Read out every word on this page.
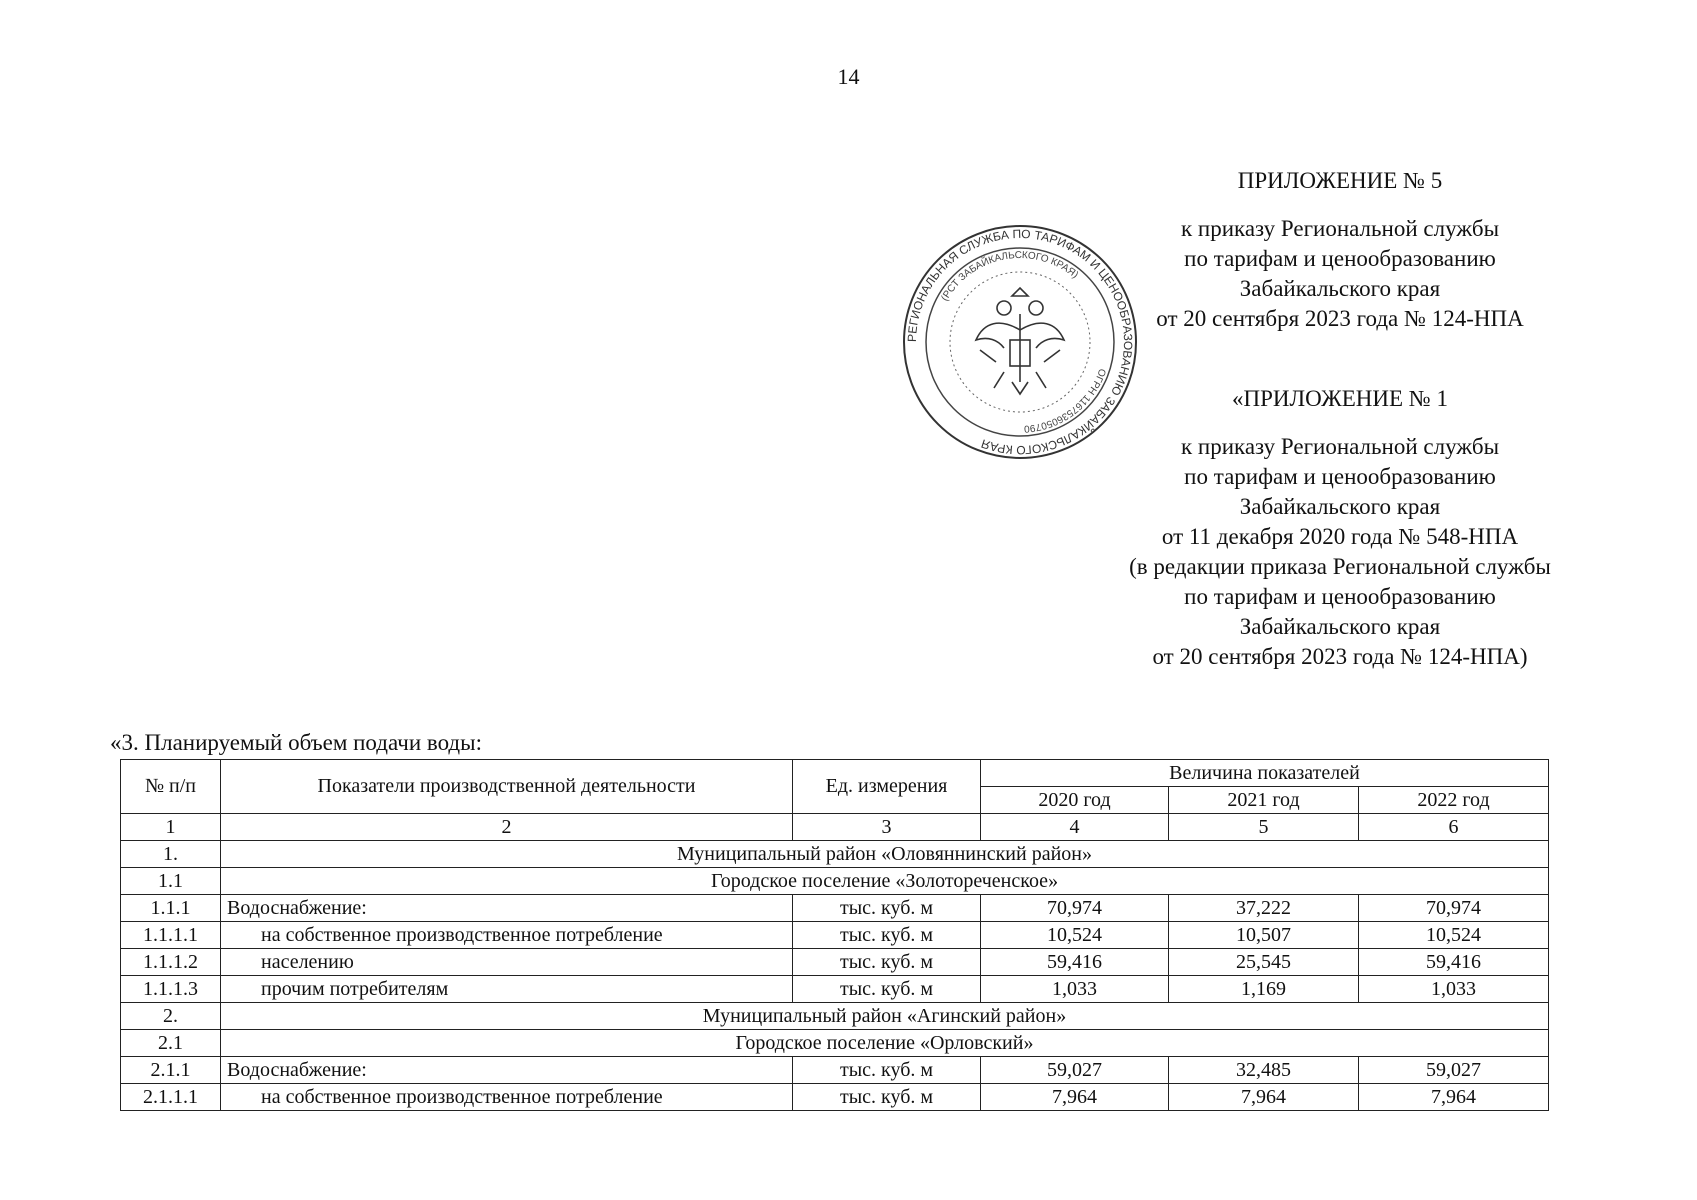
14
ПРИЛОЖЕНИЕ № 5
к приказу Региональной службы
по тарифам и ценообразованию
Забайкальского края
от 20 сентября 2023 года № 124-НПА
РЕГИОНАЛЬНАЯ СЛУЖБА ПО ТАРИФАМ И ЦЕНООБРАЗОВАНИЮ ЗАБАЙКАЛЬСКОГО КРАЯ
(РСТ ЗАБАЙКАЛЬСКОГО КРАЯ)
ОГРН 1167536050790
«ПРИЛОЖЕНИЕ № 1
к приказу Региональной службы
по тарифам и ценообразованию
Забайкальского края
от 11 декабря 2020 года № 548-НПА
(в редакции приказа Региональной службы
по тарифам и ценообразованию
Забайкальского края
от 20 сентября 2023 года № 124-НПА)
«3. Планируемый объем подачи воды:
№ п/п	Показатели производственной деятельности	Ед. измерения	Величина показателей		
			2020 год	2021 год	2022 год
1	2	3	4	5	6
1.	Муниципальный район «Оловяннинский район»				
1.1	Городское поселение «Золотореченское»				
1.1.1	Водоснабжение:	тыс. куб. м	70,974	37,222	70,974
1.1.1.1	на собственное производственное потребление	тыс. куб. м	10,524	10,507	10,524
1.1.1.2	населению	тыс. куб. м	59,416	25,545	59,416
1.1.1.3	прочим потребителям	тыс. куб. м	1,033	1,169	1,033
2.	Муниципальный район «Агинский район»				
2.1	Городское поселение «Орловский»				
2.1.1	Водоснабжение:	тыс. куб. м	59,027	32,485	59,027
2.1.1.1	на собственное производственное потребление	тыс. куб. м	7,964	7,964	7,964
